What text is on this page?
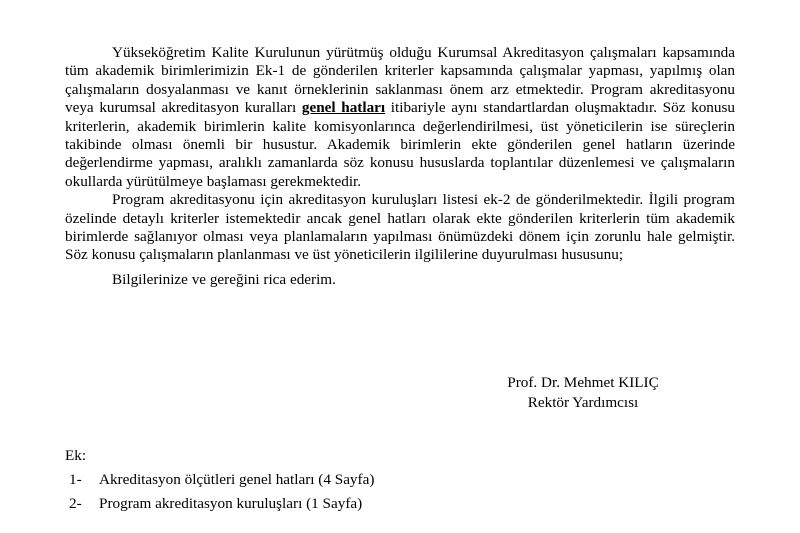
Yükseköğretim Kalite Kurulunun yürütmüş olduğu Kurumsal Akreditasyon çalışmaları kapsamında tüm akademik birimlerimizin Ek-1 de gönderilen kriterler kapsamında çalışmalar yapması, yapılmış olan çalışmaların dosyalanması ve kanıt örneklerinin saklanması önem arz etmektedir. Program akreditasyonu veya kurumsal akreditasyon kuralları genel hatları itibariyle aynı standartlardan oluşmaktadır. Söz konusu kriterlerin, akademik birimlerin kalite komisyonlarınca değerlendirilmesi, üst yöneticilerin ise süreçlerin takibinde olması önemli bir husustur. Akademik birimlerin ekte gönderilen genel hatların üzerinde değerlendirme yapması, aralıklı zamanlarda söz konusu hususlarda toplantılar düzenlemesi ve çalışmaların okullarda yürütülmeye başlaması gerekmektedir.

Program akreditasyonu için akreditasyon kuruluşları listesi ek-2 de gönderilmektedir. İlgili program özelinde detaylı kriterler istemektedir ancak genel hatları olarak ekte gönderilen kriterlerin tüm akademik birimlerde sağlanıyor olması veya planlamaların yapılması önümüzdeki dönem için zorunlu hale gelmiştir. Söz konusu çalışmaların planlanması ve üst yöneticilerin ilgililerine duyurulması hususunu;

Bilgilerinize ve gereğini rica ederim.

Prof. Dr. Mehmet KILIÇ
Rektör Yardımcısı
Ek:
1-	Akreditasyon ölçütleri genel hatları (4 Sayfa)
2-	Program akreditasyon kuruluşları (1 Sayfa)
